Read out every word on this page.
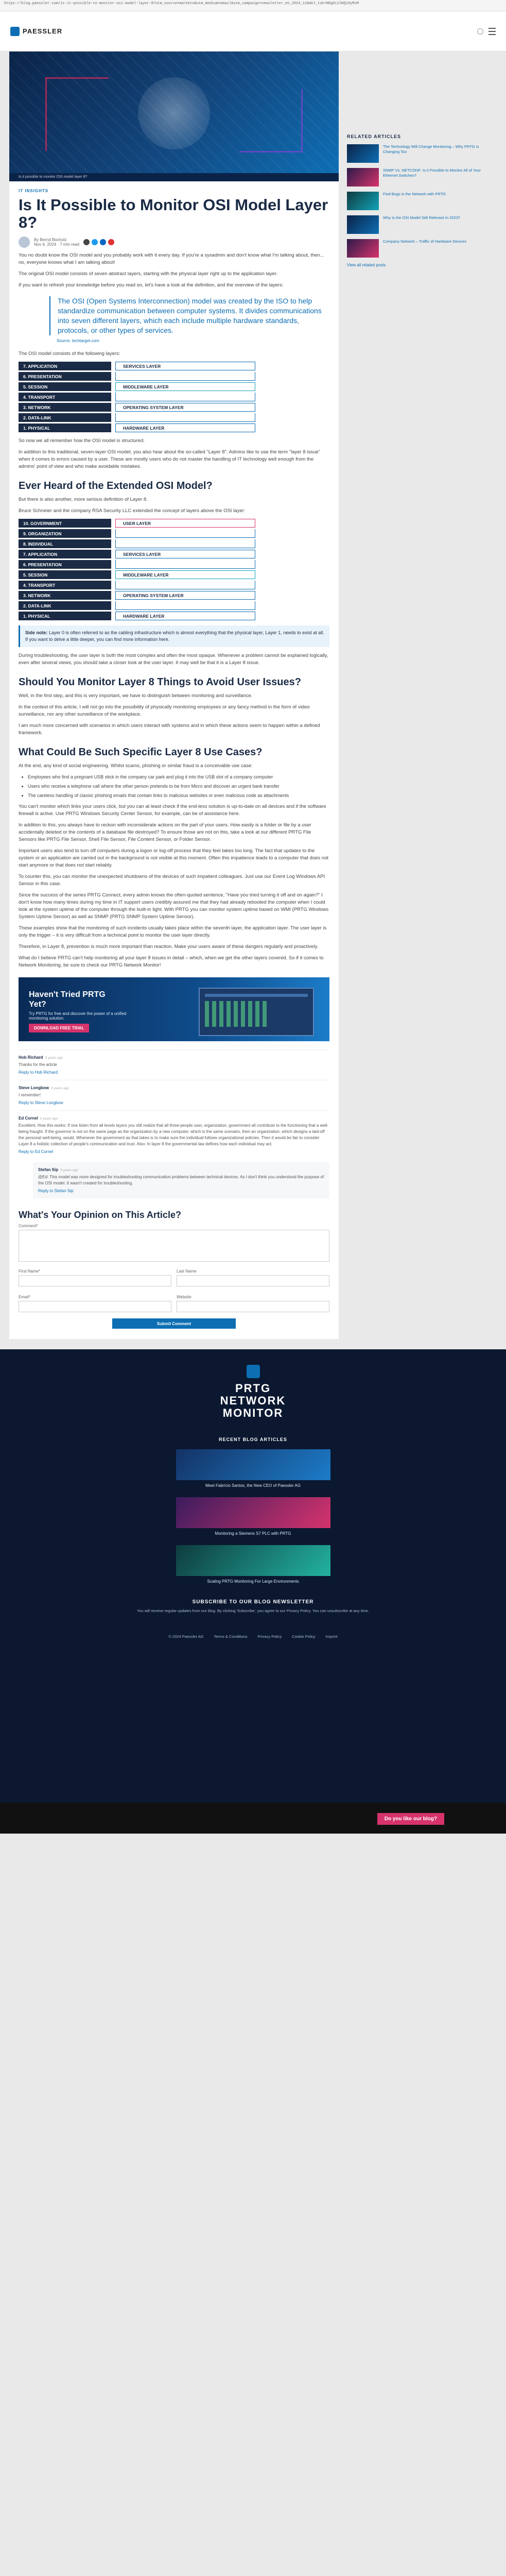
https://blog.paessler.com/is-it-possible-to-monitor-osi-model-layer-8?utm_source=marketo&utm_medium=email&utm_campaign=newsletter_en_2024_11&mkt_tok=NDg5LUlWQi0yMzM
PAESSLER
Is it possible to monitor OSI model layer 8?
IT INSIGHTS
Is It Possible to Monitor OSI Model Layer 8?
By Bernd Bocholz
Nov 6, 2024 · 7 min read

You no doubt know the OSI model and you probably work with it every day. If you're a sysadmin and don't know what I'm talking about, then... no, everyone knows what I am talking about!

The original OSI model consists of seven abstract layers, starting with the physical layer right up to the application layer.

If you want to refresh your knowledge before you read on, let's have a look at the definition, and the overview of the layers:

The OSI (Open Systems Interconnection) model was created by the ISO to help standardize communication between computer systems. It divides communications into seven different layers, which each include multiple hardware standards, protocols, or other types of services.
Source: techtarget.com

The OSI model consists of the following layers:

7. APPLICATION	SERVICES LAYER
6. PRESENTATION
5. SESSION	MIDDLEWARE LAYER
4. TRANSPORT
3. NETWORK	OPERATING SYSTEM LAYER
2. DATA-LINK
1. PHYSICAL	HARDWARE LAYER

So now we all remember how the OSI model is structured.

In addition to this traditional, seven-layer OSI model, you also hear about the so-called "Layer 8". Admins like to use the term "layer 8 issue" when it comes to errors caused by a user. These are mostly users who do not master the handling of IT technology well enough from the admins' point of view and who make avoidable mistakes.

Ever Heard of the Extended OSI Model?

But there is also another, more serious definition of Layer 8.

Bruce Schneier and the company RSA Security LLC extended the concept of layers above the OSI layer:

10. GOVERNMENT	USER LAYER
9. ORGANIZATION
8. INDIVIDUAL
7. APPLICATION	SERVICES LAYER
6. PRESENTATION
5. SESSION	MIDDLEWARE LAYER
4. TRANSPORT
3. NETWORK	OPERATING SYSTEM LAYER
2. DATA-LINK
1. PHYSICAL	HARDWARE LAYER
Side note: Layer 0 is often referred to as the cabling infrastructure which is almost everything that the physical layer, Layer 1, needs to exist at all. If you want to delve a little deeper, you can find more information here.

During troubleshooting, the user layer is both the most complex and often the most opaque. Whenever a problem cannot be explained logically, even after several views, you should take a closer look at the user layer. It may well be that it is a Layer 8 issue.

Should You Monitor Layer 8 Things to Avoid User Issues?

Well, in the first step, and this is very important, we have to distinguish between monitoring and surveillance.

In the context of this article, I will not go into the possibility of physically monitoring employees or any fancy method in the form of video surveillance, nor any other surveillance of the workplace.

I am much more concerned with scenarios in which users interact with systems and in which these actions seem to happen within a defined framework.

What Could Be Such Specific Layer 8 Use Cases?

At the end, any kind of social engineering. Whilst scams, phishing or similar fraud is a conceivable use case:

• Employees who find a pregnant USB stick in the company car park and plug it into the USB slot of a company computer
• Users who receive a telephone call where the other person pretends to be from Micro and discover an urgent bank transfer
• The careless handling of classic phishing emails that contain links to malicious websites or even malicious code as attachments

You can't monitor which links your users click, but you can at least check if the end-less solution is up-to-date on all devices and if the software firewall is active. Use PRTG Windows Security Center Sensor, for example, can be of assistance here.

In addition to this, you always have to reckon with inconsiderate actions on the part of your users. How easily is a folder or file by a user accidentally deleted or the contents of a database file destroyed? To ensure those are not on this, take a look at our different PRTG File Sensors like PRTG File Sensor, Shell File Sensor, File Content Sensor, or Folder Sensor.

Important users also tend to turn off computers during a logon or log-off process that they feel takes too long. The fact that updates to the system or an application are carried out in the background is not visible at this moment. Often this impatience leads to a computer that does not start anymore or that does not start reliably.

To counter this, you can monitor the unexpected shutdowns of the devices of such impatient colleagues. Just use our Event Log Windows API Sensor in this case.

Since the success of the series PRTG Connect, every admin knows the often-quoted sentence, "Have you tried turning it off and on again?" I don't know how many times during my time in IT support users credibly assured me that they had already rebooted the computer when I could look at the system uptime of the computer through the built-in light. With PRTG you can monitor system uptime based on WMI (PRTG Windows System Uptime Sensor) as well as SNMP (PRTG SNMP System Uptime Sensor).

These examples show that the monitoring of such incidents usually takes place within the seventh layer, the application layer. The user layer is only the trigger – it is very difficult from a technical point to monitor the user layer directly.

Therefore, in Layer 8, prevention is much more important than reaction. Make your users aware of these dangers regularly and proactively.

What do I believe PRTG can't help monitoring all your layer 8 issues in detail – which, when we get the other layers covered. So if it comes to Network Monitoring, be sure to check our PRTG Network Monitor!

Haven't Tried PRTG Yet?
Try PRTG for free and discover the power of a unified monitoring solution.
DOWNLOAD FREE TRIAL
Hob Richard 3 years ago
Thanks for the article
Reply to Hob Richard
Steve Longbow 3 years ago
I remember!
Reply to Steve Longbow
Ed Cornel 3 years ago
Excellent. How this works: If one listen from all levels layers you still realize that all three-people user, organization, government all contribute to the functioning that a well-being fraught. If the governor is not on the same page as the organization by a new computer, which is the same scenario, then an organization, which designs a laid-off the personal well-being, would. Whenever the government as that takes is to make sure the individual follows organizational policies. Then it would be fair to consider Layer 8 a holistic collection of people's communication and trust. Also: In layer 8 the governmental law defines how each individual may act.
Reply to Ed Cornel
Stefan Sip 3 years ago
@Ed: This model was more designed for troubleshooting communication problems between technical devices. As I don't think you understood the purpose of the OSI model. It wasn't created for troubleshooting.
Reply to Stefan Sip
What's Your Opinion on This Article?
Comment*
First Name*	Last Name
Email*	Website
Submit Comment
RELATED ARTICLES
The Technology Will Change Monitoring – Why PRTG Is Changing Too
SNMP Vs. NETCONF: Is it Possible to Monitor All of Your Ethernet Switches?
Find Bugs in the Network with PRTG
Why Is the OSI Model Still Relevant In 2023?
Company Network – Traffic of Hardware Devices
View all related posts
PRTG
NETWORK
MONITOR
RECENT BLOG ARTICLES
Meet Fabrício Santos, the New CEO of Paessler AG
Monitoring a Siemens S7 PLC with PRTG
Scaling PRTG Monitoring For Large Environments
SUBSCRIBE TO OUR BLOG NEWSLETTER
You will receive regular updates from our blog. By clicking 'Subscribe', you agree to our Privacy Policy. You can unsubscribe at any time.
© 2024 Paessler AG	Terms & Conditions	Privacy Policy	Cookie Policy	Imprint
Do you like our blog?
